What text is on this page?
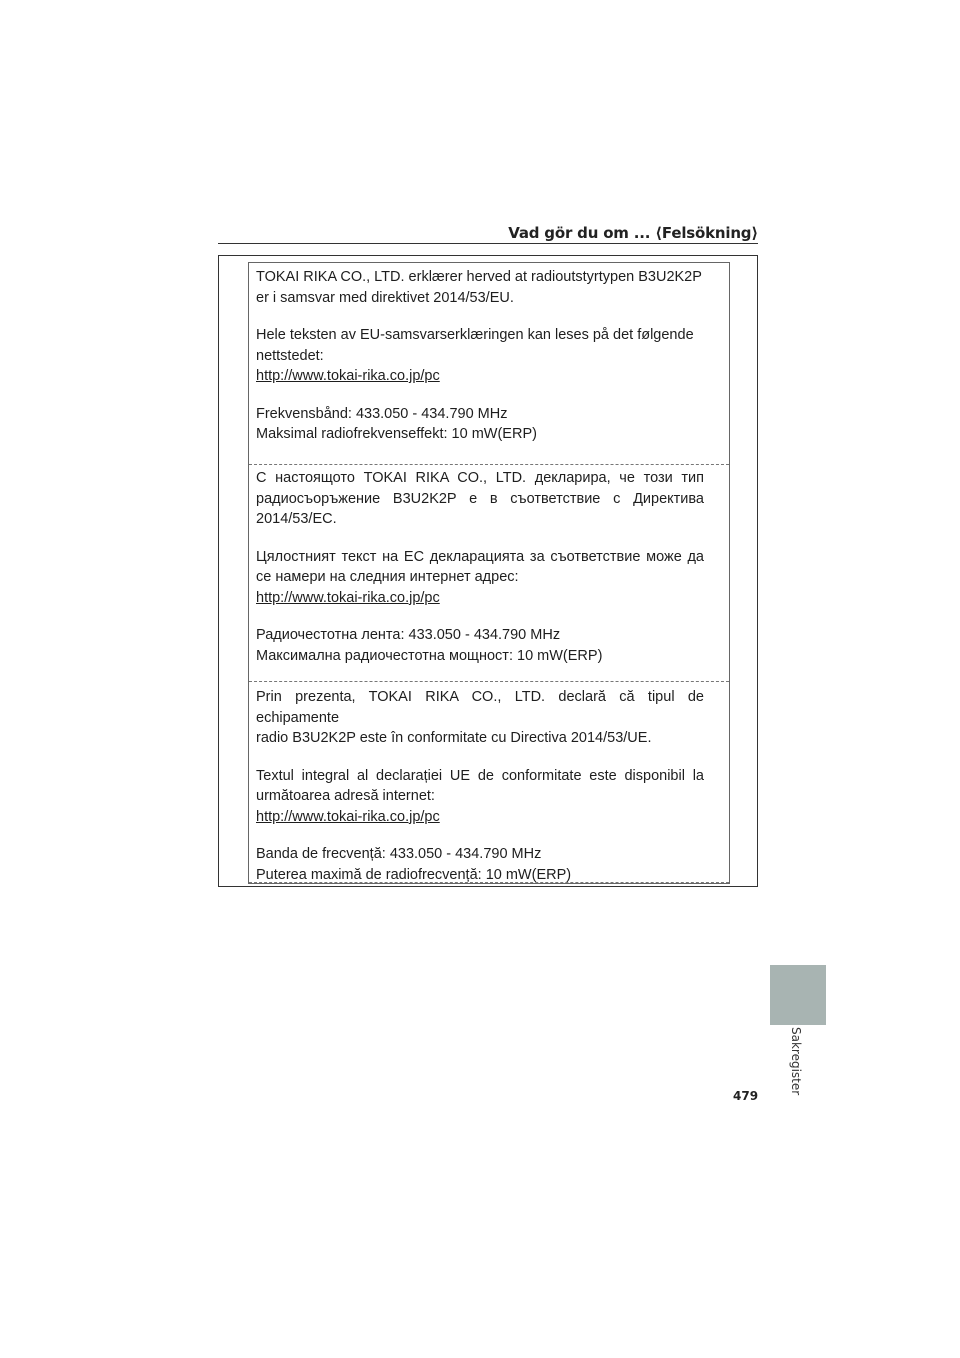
Vad gör du om ... ⟨Felsökning⟩

TOKAI RIKA CO., LTD. erklærer herved at radioutstyrtypen B3U2K2P
er i samsvar med direktivet 2014/53/EU.

Hele teksten av EU-samsvarserklæringen kan leses på det følgende
nettstedet:
http://www.tokai-rika.co.jp/pc

Frekvensbånd: 433.050 - 434.790 MHz
Maksimal radiofrekvenseffekt: 10 mW(ERP)

С настоящото TOKAI RIKA CO., LTD. декларира, че този тип
радиосъоръжение B3U2K2P е в съответствие с Директива
2014/53/ЕС.

Цялостният текст на ЕС декларацията за съответствие може да
се намери на следния интернет адрес:
http://www.tokai-rika.co.jp/pc

Радиочестотна лента: 433.050 - 434.790 MHz
Максимална радиочестотна мощност: 10 mW(ERP)

Prin prezenta, TOKAI RIKA CO., LTD. declară că tipul de echipamente
radio B3U2K2P este în conformitate cu Directiva 2014/53/UE.

Textul integral al declarației UE de conformitate este disponibil la
următoarea adresă internet:
http://www.tokai-rika.co.jp/pc

Banda de frecvență: 433.050 - 434.790 MHz
Puterea maximă de radiofrecvență: 10 mW(ERP)

Sakregister
479
